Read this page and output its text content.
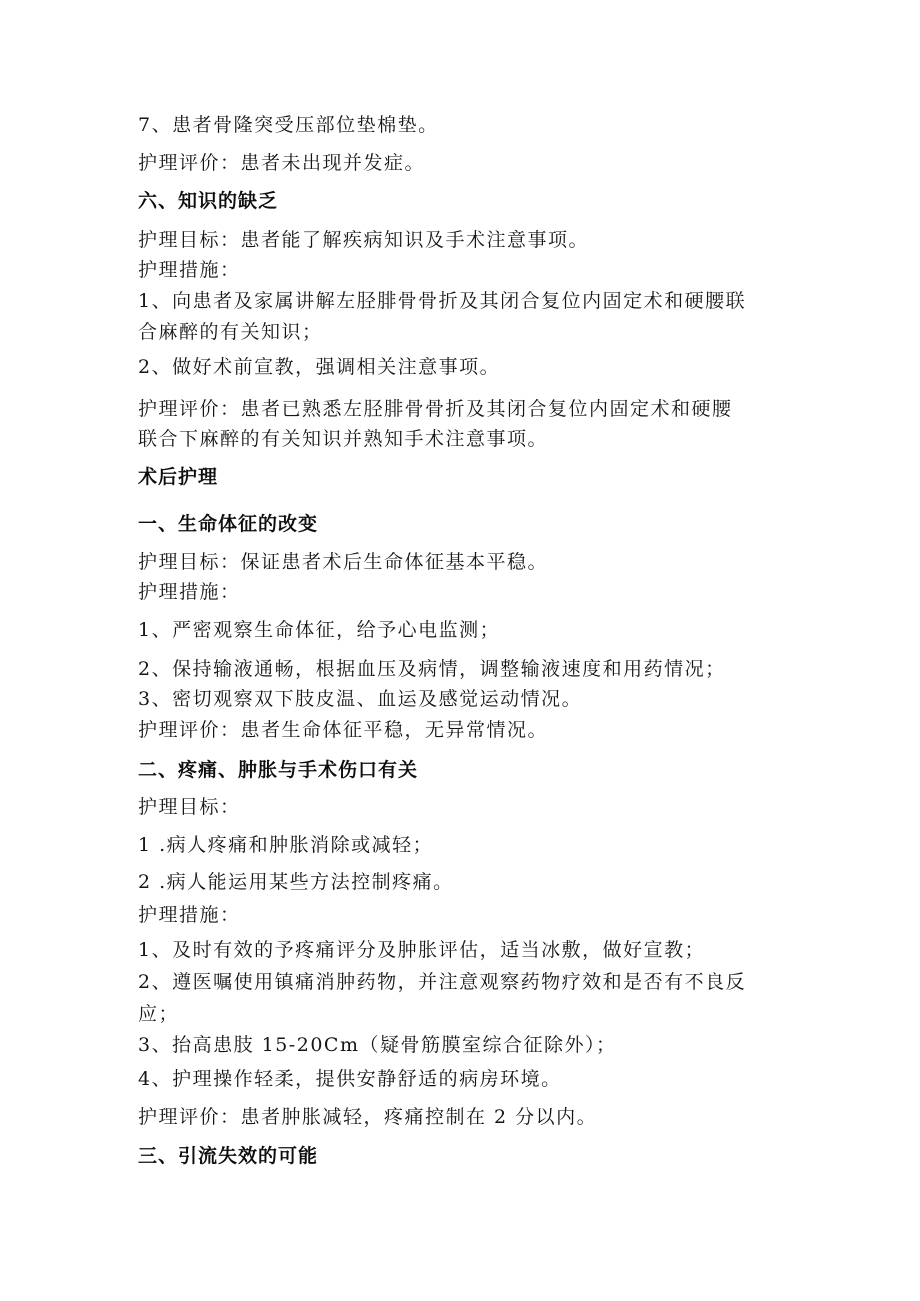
7、患者骨隆突受压部位垫棉垫。
护理评价：患者未出现并发症。
六、知识的缺乏
护理目标：患者能了解疾病知识及手术注意事项。
护理措施：
1、向患者及家属讲解左胫腓骨骨折及其闭合复位内固定术和硬腰联
合麻醉的有关知识；
2、做好术前宣教，强调相关注意事项。
护理评价：患者已熟悉左胫腓骨骨折及其闭合复位内固定术和硬腰
联合下麻醉的有关知识并熟知手术注意事项。
术后护理
一、生命体征的改变
护理目标：保证患者术后生命体征基本平稳。
护理措施：
1、严密观察生命体征，给予心电监测；
2、保持输液通畅，根据血压及病情，调整输液速度和用药情况；
3、密切观察双下肢皮温、血运及感觉运动情况。
护理评价：患者生命体征平稳，无异常情况。
二、疼痛、肿胀与手术伤口有关
护理目标：
1 .病人疼痛和肿胀消除或减轻；
2 .病人能运用某些方法控制疼痛。
护理措施：
1、及时有效的予疼痛评分及肿胀评估，适当冰敷，做好宣教；
2、遵医嘱使用镇痛消肿药物，并注意观察药物疗效和是否有不良反
应；
3、抬高患肢 15-20Cm（疑骨筋膜室综合征除外）；
4、护理操作轻柔，提供安静舒适的病房环境。
护理评价：患者肿胀减轻，疼痛控制在 2 分以内。
三、引流失效的可能
